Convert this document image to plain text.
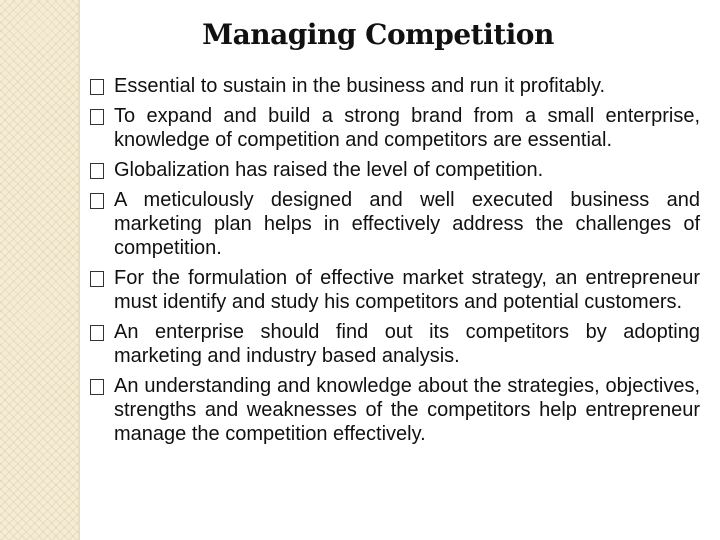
Managing Competition
Essential to sustain in the business and run it profitably.
To expand and build a strong brand from a small enterprise, knowledge of competition and competitors are essential.
Globalization has raised the level of competition.
A meticulously designed and well executed business and marketing plan helps in effectively address the challenges of competition.
For the formulation of effective market strategy, an entrepreneur must identify and study his competitors and potential customers.
An enterprise should find out its competitors by adopting marketing and industry based analysis.
An understanding and knowledge about the strategies, objectives, strengths and weaknesses of the competitors help entrepreneur manage the competition effectively.
